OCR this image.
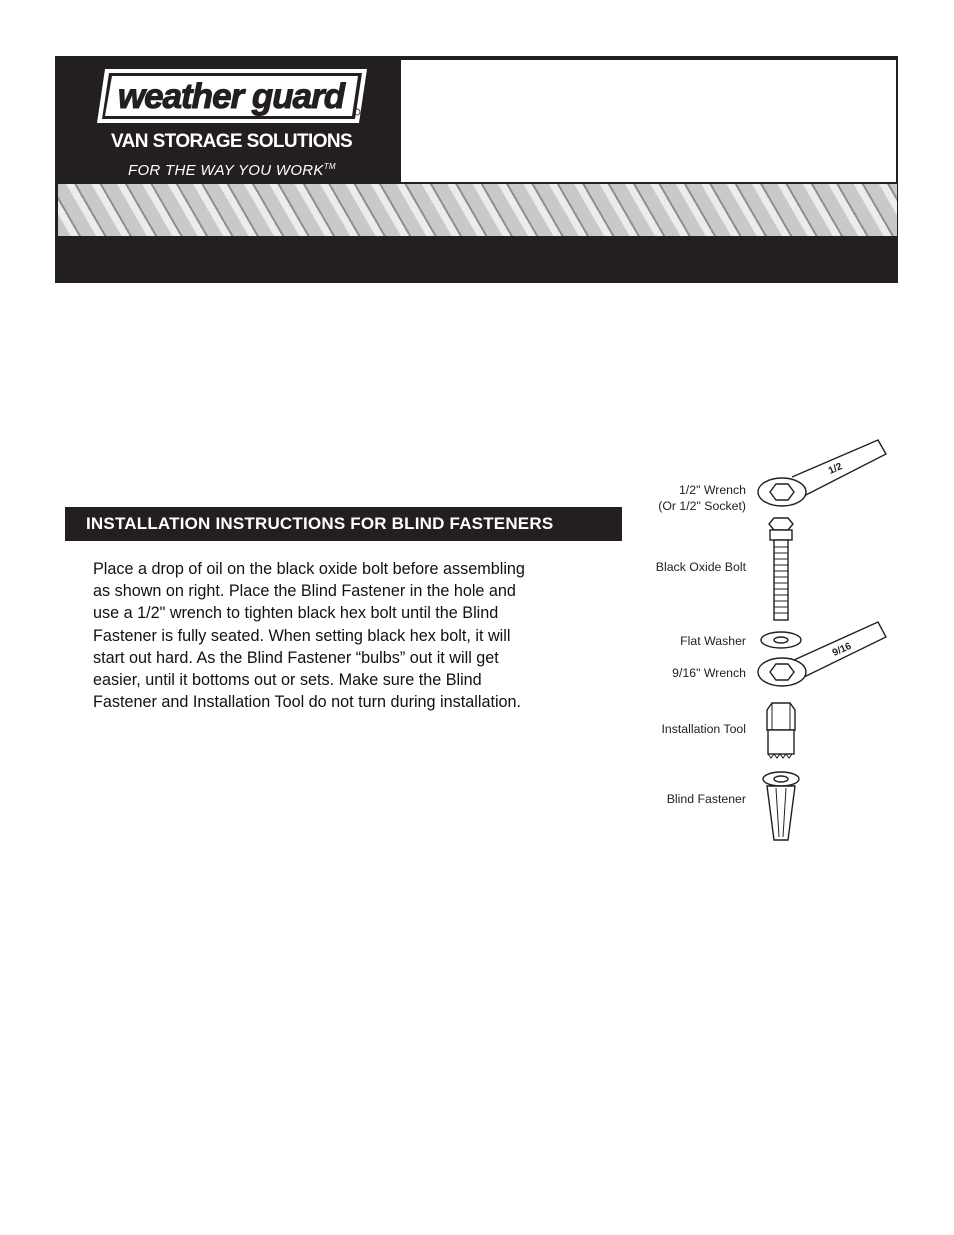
weather guard
VAN STORAGE SOLUTIONS
FOR THE WAY YOU WORK™
INSTALLATION INSTRUCTIONS FOR BLIND FASTENERS
Place a drop of oil on the black oxide bolt before assembling
as shown on right. Place the Blind Fastener in the hole and
use a 1/2" wrench to tighten black hex bolt until the Blind
Fastener is fully seated. When setting black hex bolt, it will
start out hard. As the Blind Fastener “bulbs” out it will get
easier, until it bottoms out or sets. Make sure the Blind
Fastener and Installation Tool do not turn during installation.
1/2" Wrench
(Or 1/2" Socket)
Black Oxide Bolt
Flat Washer
9/16" Wrench
Installation Tool
Blind Fastener
1/2
9/16
